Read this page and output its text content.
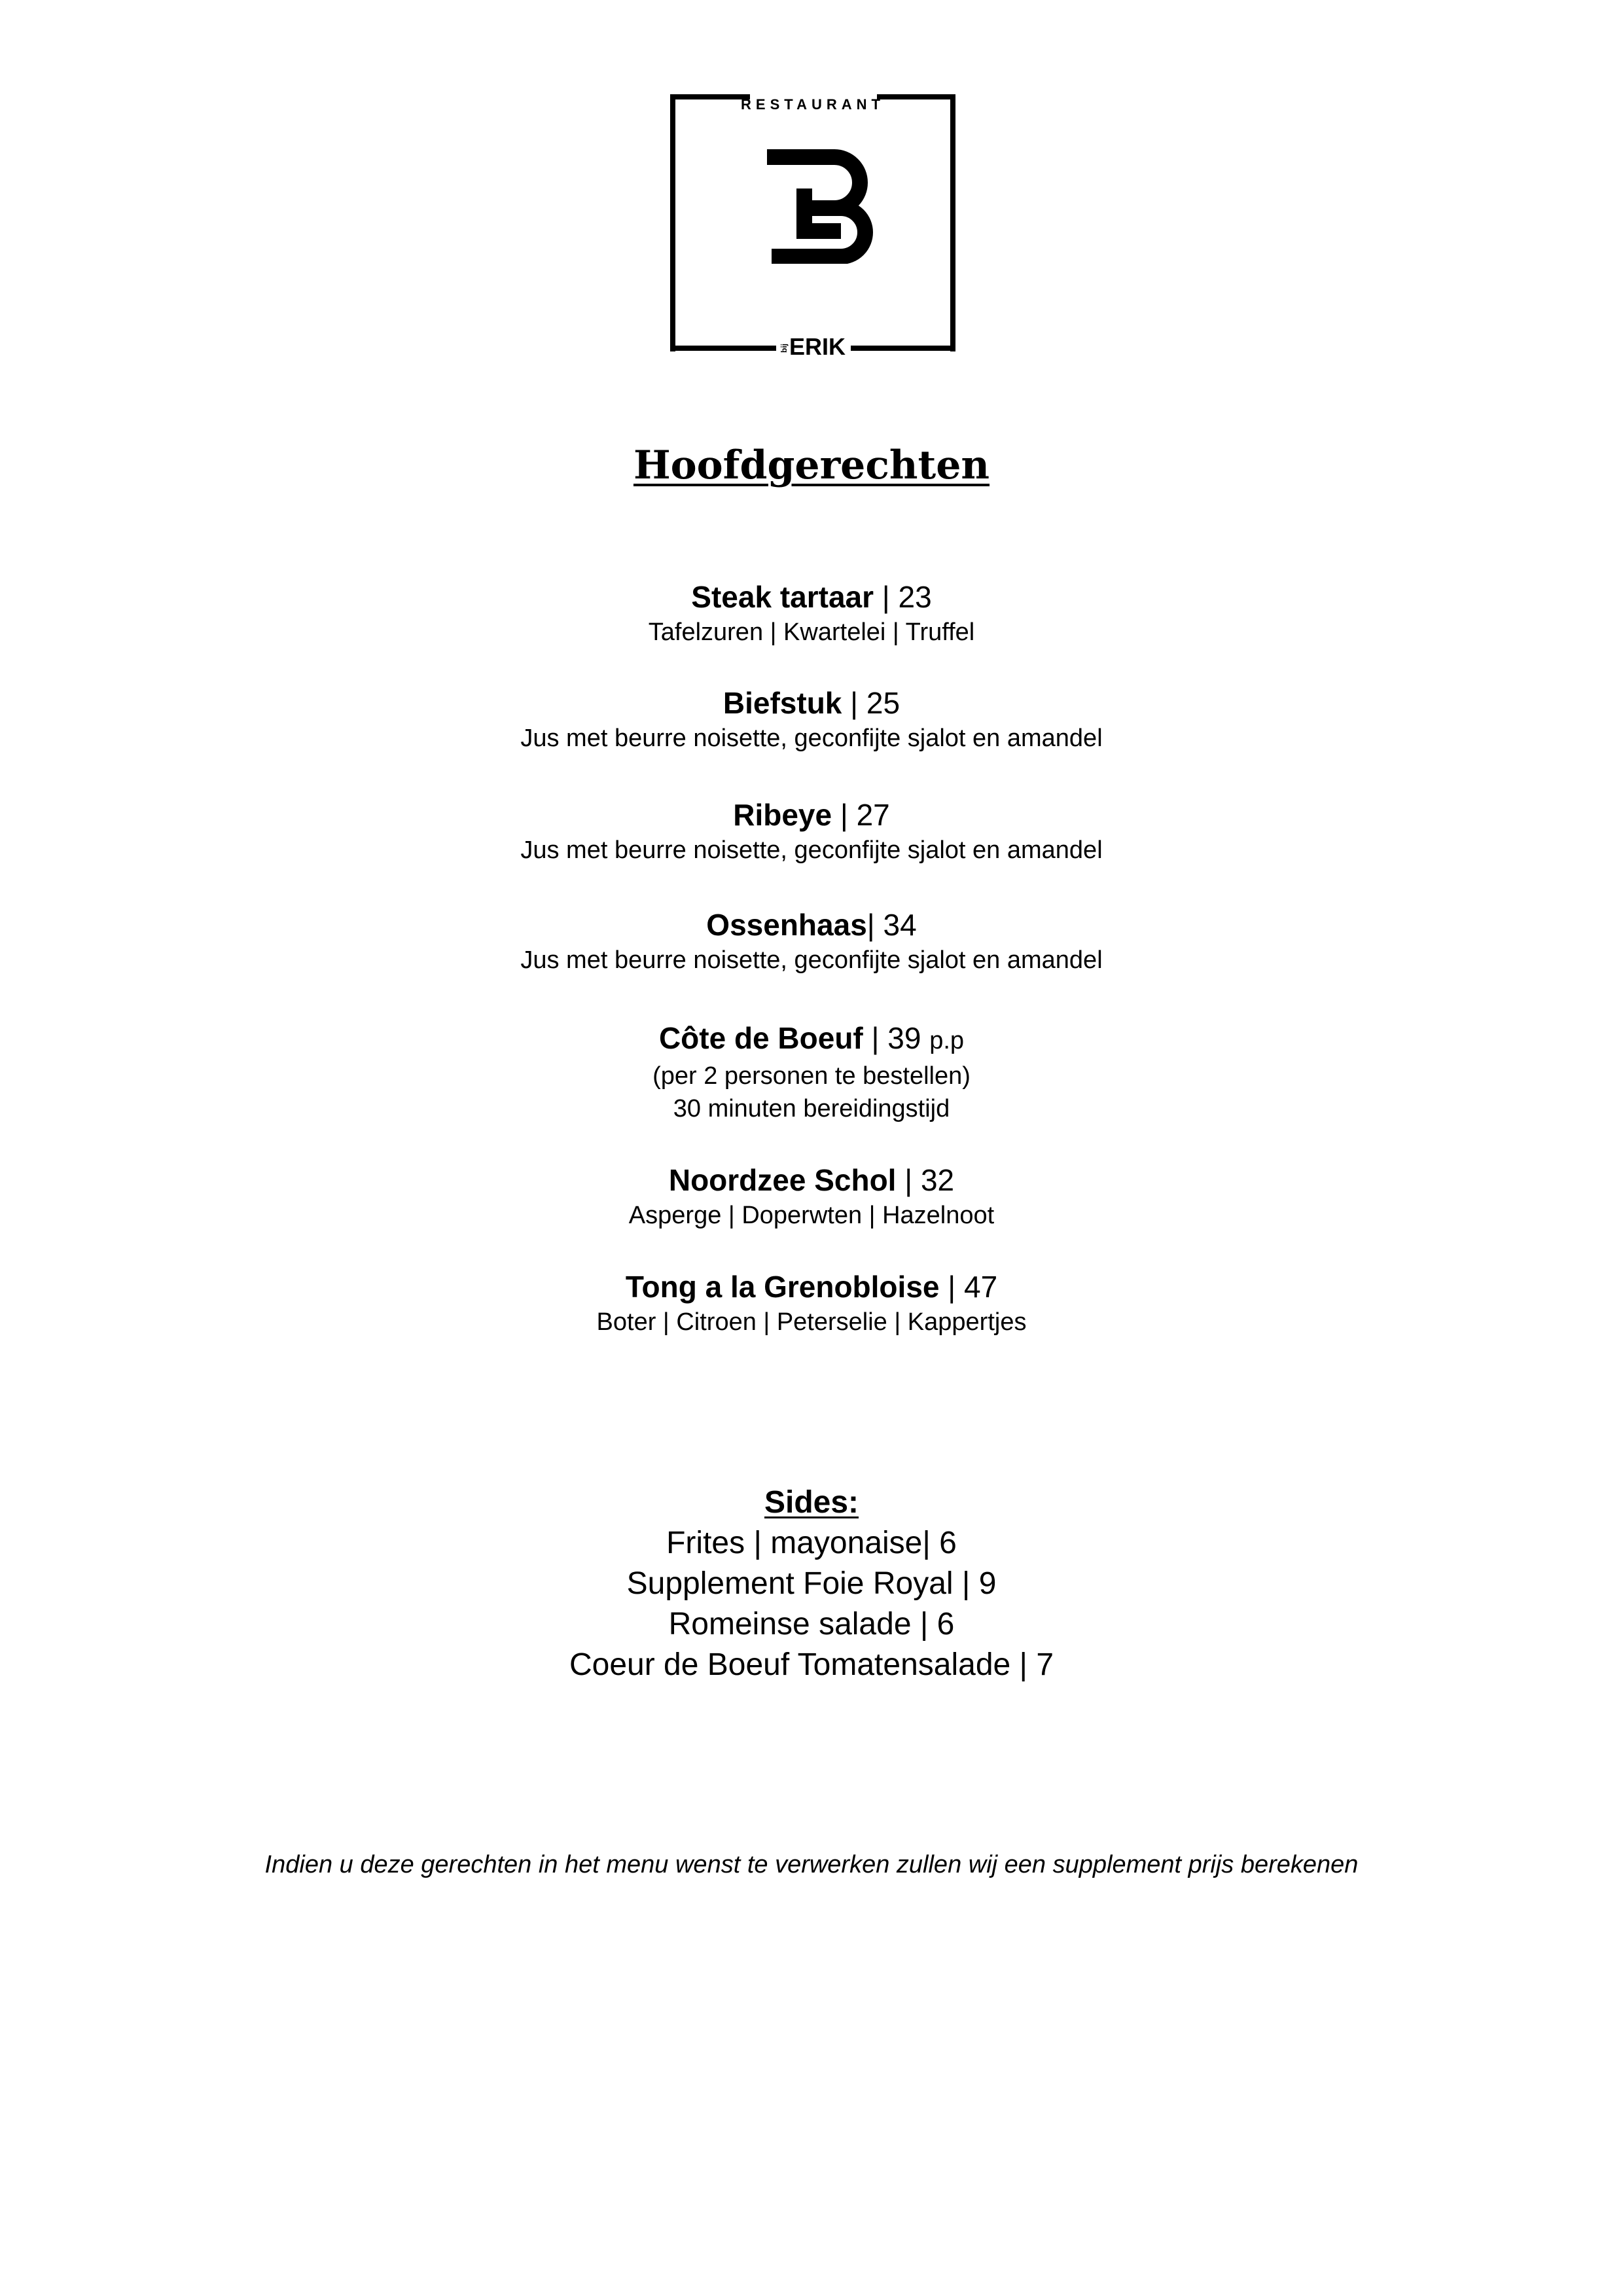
RESTAURANT
bijERIK
Hoofdgerechten
Steak tartaar | 23
Tafelzuren | Kwartelei | Truffel
Biefstuk | 25
Jus met beurre noisette, geconfijte sjalot en amandel
Ribeye | 27
Jus met beurre noisette, geconfijte sjalot en amandel
Ossenhaas| 34
Jus met beurre noisette, geconfijte sjalot en amandel
Côte de Boeuf | 39 p.p
(per 2 personen te bestellen)
30 minuten bereidingstijd
Noordzee Schol | 32
Asperge | Doperwten | Hazelnoot
Tong a la Grenobloise | 47
Boter | Citroen | Peterselie | Kappertjes
Sides:
Frites | mayonaise| 6
Supplement Foie Royal | 9
Romeinse salade | 6
Coeur de Boeuf Tomatensalade | 7
Indien u deze gerechten in het menu wenst te verwerken zullen wij een supplement prijs berekenen
